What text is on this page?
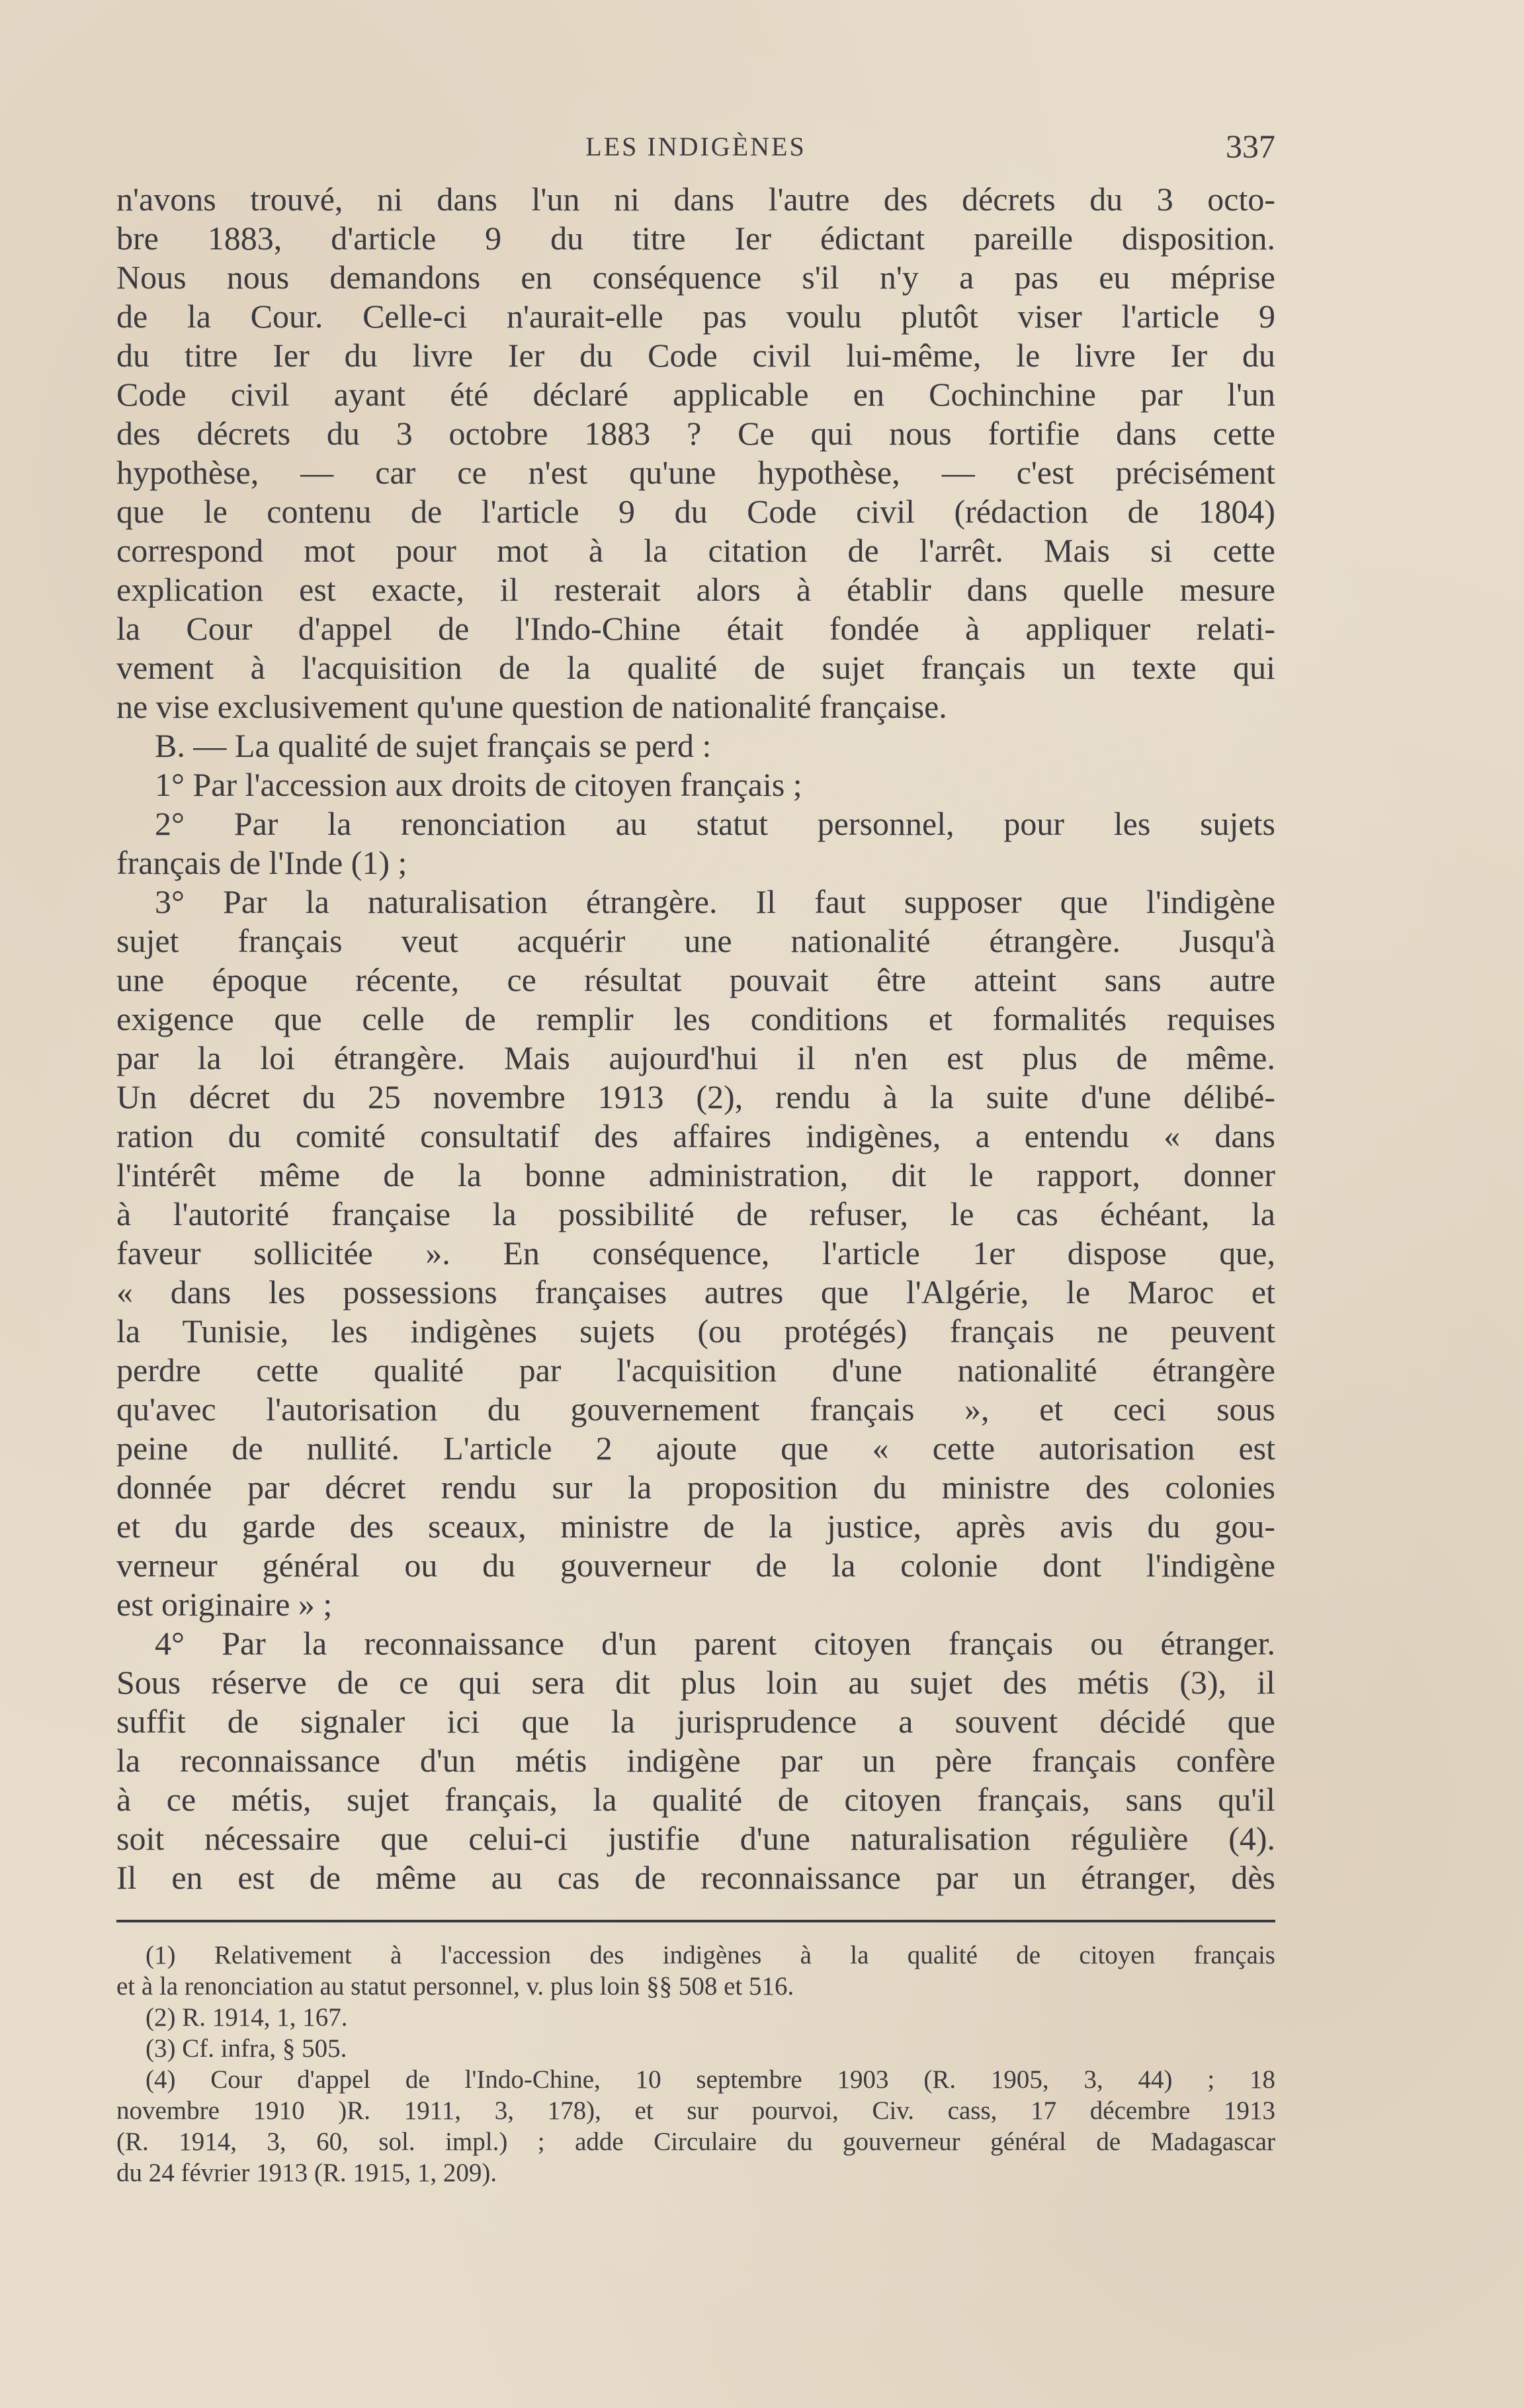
LES INDIGÈNES	337
n'avons trouvé, ni dans l'un ni dans l'autre des décrets du 3 octo-
bre 1883, d'article 9 du titre Ier édictant pareille disposition.
Nous nous demandons en conséquence s'il n'y a pas eu méprise
de la Cour. Celle-ci n'aurait-elle pas voulu plutôt viser l'article 9
du titre Ier du livre Ier du Code civil lui-même, le livre Ier du
Code civil ayant été déclaré applicable en Cochinchine par l'un
des décrets du 3 octobre 1883 ? Ce qui nous fortifie dans cette
hypothèse, — car ce n'est qu'une hypothèse, — c'est précisément
que le contenu de l'article 9 du Code civil (rédaction de 1804)
correspond mot pour mot à la citation de l'arrêt. Mais si cette
explication est exacte, il resterait alors à établir dans quelle mesure
la Cour d'appel de l'Indo-Chine était fondée à appliquer relati-
vement à l'acquisition de la qualité de sujet français un texte qui
ne vise exclusivement qu'une question de nationalité française.
B. — La qualité de sujet français se perd :
1° Par l'accession aux droits de citoyen français ;
2° Par la renonciation au statut personnel, pour les sujets
français de l'Inde (1) ;
3° Par la naturalisation étrangère. Il faut supposer que l'indigène
sujet français veut acquérir une nationalité étrangère. Jusqu'à
une époque récente, ce résultat pouvait être atteint sans autre
exigence que celle de remplir les conditions et formalités requises
par la loi étrangère. Mais aujourd'hui il n'en est plus de même.
Un décret du 25 novembre 1913 (2), rendu à la suite d'une délibé-
ration du comité consultatif des affaires indigènes, a entendu « dans
l'intérêt même de la bonne administration, dit le rapport, donner
à l'autorité française la possibilité de refuser, le cas échéant, la
faveur sollicitée ». En conséquence, l'article 1er dispose que,
« dans les possessions françaises autres que l'Algérie, le Maroc et
la Tunisie, les indigènes sujets (ou protégés) français ne peuvent
perdre cette qualité par l'acquisition d'une nationalité étrangère
qu'avec l'autorisation du gouvernement français », et ceci sous
peine de nullité. L'article 2 ajoute que « cette autorisation est
donnée par décret rendu sur la proposition du ministre des colonies
et du garde des sceaux, ministre de la justice, après avis du gou-
verneur général ou du gouverneur de la colonie dont l'indigène
est originaire » ;
4° Par la reconnaissance d'un parent citoyen français ou étranger.
Sous réserve de ce qui sera dit plus loin au sujet des métis (3), il
suffit de signaler ici que la jurisprudence a souvent décidé que
la reconnaissance d'un métis indigène par un père français confère
à ce métis, sujet français, la qualité de citoyen français, sans qu'il
soit nécessaire que celui-ci justifie d'une naturalisation régulière (4).
Il en est de même au cas de reconnaissance par un étranger, dès
(1) Relativement à l'accession des indigènes à la qualité de citoyen français
et à la renonciation au statut personnel, v. plus loin §§ 508 et 516.
(2) R. 1914, 1, 167.
(3) Cf. infra, § 505.
(4) Cour d'appel de l'Indo-Chine, 10 septembre 1903 (R. 1905, 3, 44) ; 18
novembre 1910 )R. 1911, 3, 178), et sur pourvoi, Civ. cass, 17 décembre 1913
(R. 1914, 3, 60, sol. impl.) ; adde Circulaire du gouverneur général de Madagascar
du 24 février 1913 (R. 1915, 1, 209).
